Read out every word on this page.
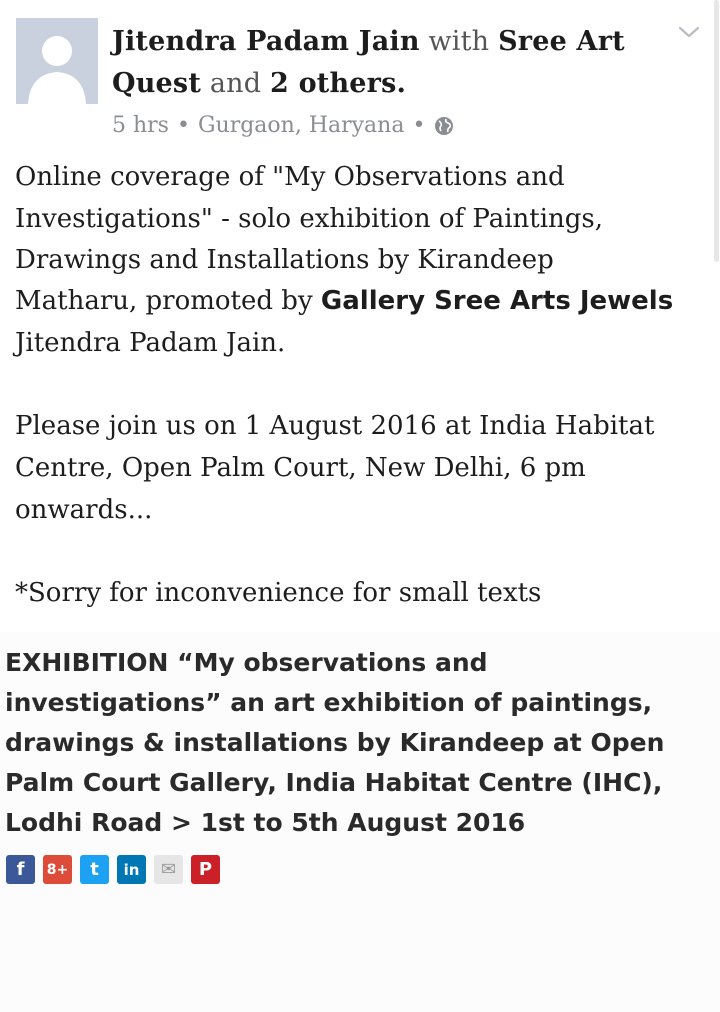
Jitendra Padam Jain with Sree Art
Quest and 2 others.
5 hrs • Gurgaon, Haryana •
Online coverage of "My Observations and
Investigations" - solo exhibition of Paintings,
Drawings and Installations by Kirandeep
Matharu, promoted by Gallery Sree Arts Jewels
Jitendra Padam Jain.
Please join us on 1 August 2016 at India Habitat
Centre, Open Palm Court, New Delhi, 6 pm
onwards...
*Sorry for inconvenience for small texts
EXHIBITION “My observations and
investigations” an art exhibition of paintings,
drawings & installations by Kirandeep at Open
Palm Court Gallery, India Habitat Centre (IHC),
Lodhi Road > 1st to 5th August 2016
f 8+ t in ✉ P
